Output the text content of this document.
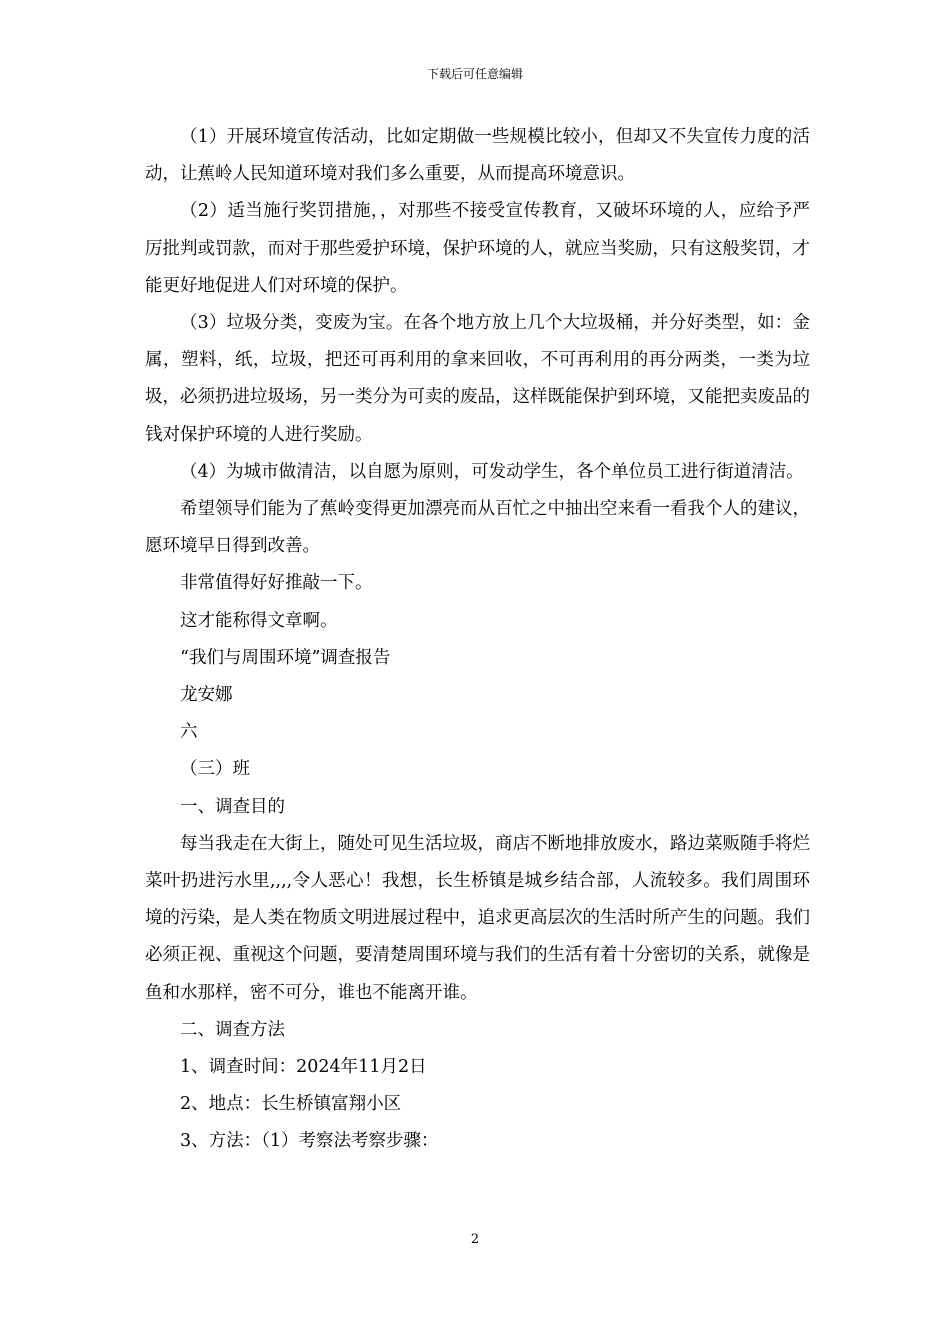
下载后可任意编辑

（1）开展环境宣传活动，比如定期做一些规模比较小，但却又不失宣传力度的活动，让蕉岭人民知道环境对我们多么重要，从而提高环境意识。

（2）适当施行奖罚措施，，对那些不接受宣传教育，又破坏环境的人，应给予严厉批判或罚款，而对于那些爱护环境，保护环境的人，就应当奖励，只有这般奖罚，才能更好地促进人们对环境的保护。

（3）垃圾分类，变废为宝。在各个地方放上几个大垃圾桶，并分好类型，如：金属，塑料，纸，垃圾，把还可再利用的拿来回收，不可再利用的再分两类，一类为垃圾，必须扔进垃圾场，另一类分为可卖的废品，这样既能保护到环境，又能把卖废品的钱对保护环境的人进行奖励。

（4）为城市做清洁，以自愿为原则，可发动学生，各个单位员工进行街道清洁。

希望领导们能为了蕉岭变得更加漂亮而从百忙之中抽出空来看一看我个人的建议，愿环境早日得到改善。

非常值得好好推敲一下。

这才能称得文章啊。

“我们与周围环境”调查报告

龙安娜

六

（三）班

一、调查目的

每当我走在大街上，随处可见生活垃圾，商店不断地排放废水，路边菜贩随手将烂菜叶扔进污水里,,,,令人恶心！我想，长生桥镇是城乡结合部，人流较多。我们周围环境的污染，是人类在物质文明进展过程中，追求更高层次的生活时所产生的问题。我们必须正视、重视这个问题，要清楚周围环境与我们的生活有着十分密切的关系，就像是鱼和水那样，密不可分，谁也不能离开谁。

二、调查方法

1、调查时间：2024年11月2日

2、地点：长生桥镇富翔小区

3、方法：（1）考察法考察步骤：

2
